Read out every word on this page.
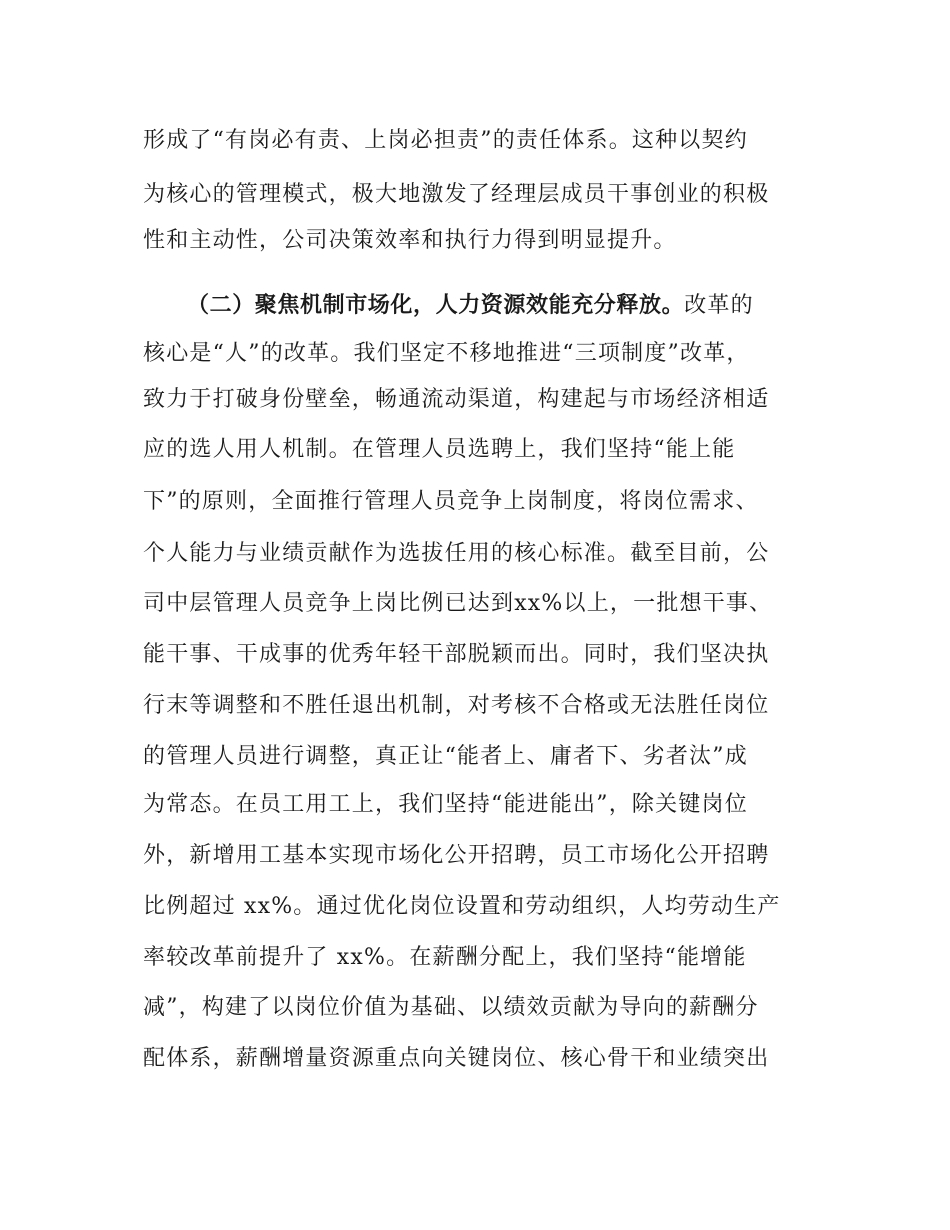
形成了“有岗必有责、上岗必担责”的责任体系。这种以契约
为核心的管理模式，极大地激发了经理层成员干事创业的积极
性和主动性，公司决策效率和执行力得到明显提升。
（二）聚焦机制市场化，人力资源效能充分释放。改革的
核心是“人”的改革。我们坚定不移地推进“三项制度”改革，
致力于打破身份壁垒，畅通流动渠道，构建起与市场经济相适
应的选人用人机制。在管理人员选聘上，我们坚持“能上能
下”的原则，全面推行管理人员竞争上岗制度，将岗位需求、
个人能力与业绩贡献作为选拔任用的核心标准。截至目前，公
司中层管理人员竞争上岗比例已达到xx%以上，一批想干事、
能干事、干成事的优秀年轻干部脱颖而出。同时，我们坚决执
行末等调整和不胜任退出机制，对考核不合格或无法胜任岗位
的管理人员进行调整，真正让“能者上、庸者下、劣者汰”成
为常态。在员工用工上，我们坚持“能进能出”，除关键岗位
外，新增用工基本实现市场化公开招聘，员工市场化公开招聘
比例超过 xx%。通过优化岗位设置和劳动组织，人均劳动生产
率较改革前提升了 xx%。在薪酬分配上，我们坚持“能增能
减”，构建了以岗位价值为基础、以绩效贡献为导向的薪酬分
配体系，薪酬增量资源重点向关键岗位、核心骨干和业绩突出
